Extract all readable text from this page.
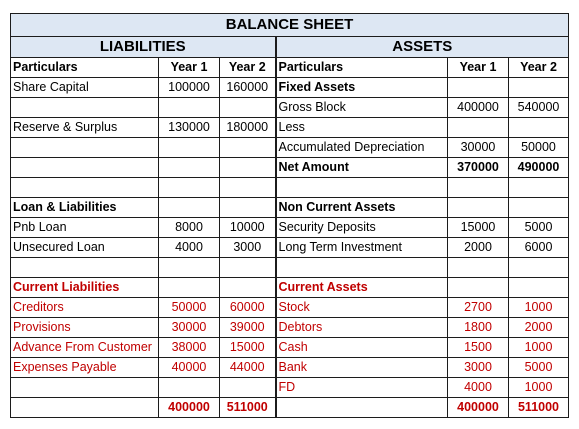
BALANCE SHEET					
LIABILITIES			ASSETS		
Particulars	Year 1	Year 2	Particulars	Year 1	Year 2
Share Capital	100000	160000	Fixed Assets		
			Gross Block	400000	540000
Reserve & Surplus	130000	180000	Less		
			Accumulated Depreciation	30000	50000
			Net Amount	370000	490000

Loan & Liabilities			Non Current Assets		
Pnb Loan	8000	10000	Security Deposits	15000	5000
Unsecured Loan	4000	3000	Long Term Investment	2000	6000

Current Liabilities			Current Assets		
Creditors	50000	60000	Stock	2700	1000
Provisions	30000	39000	Debtors	1800	2000
Advance From Customer	38000	15000	Cash	1500	1000
Expenses Payable	40000	44000	Bank	3000	5000
			FD	4000	1000
	400000	511000		400000	511000
